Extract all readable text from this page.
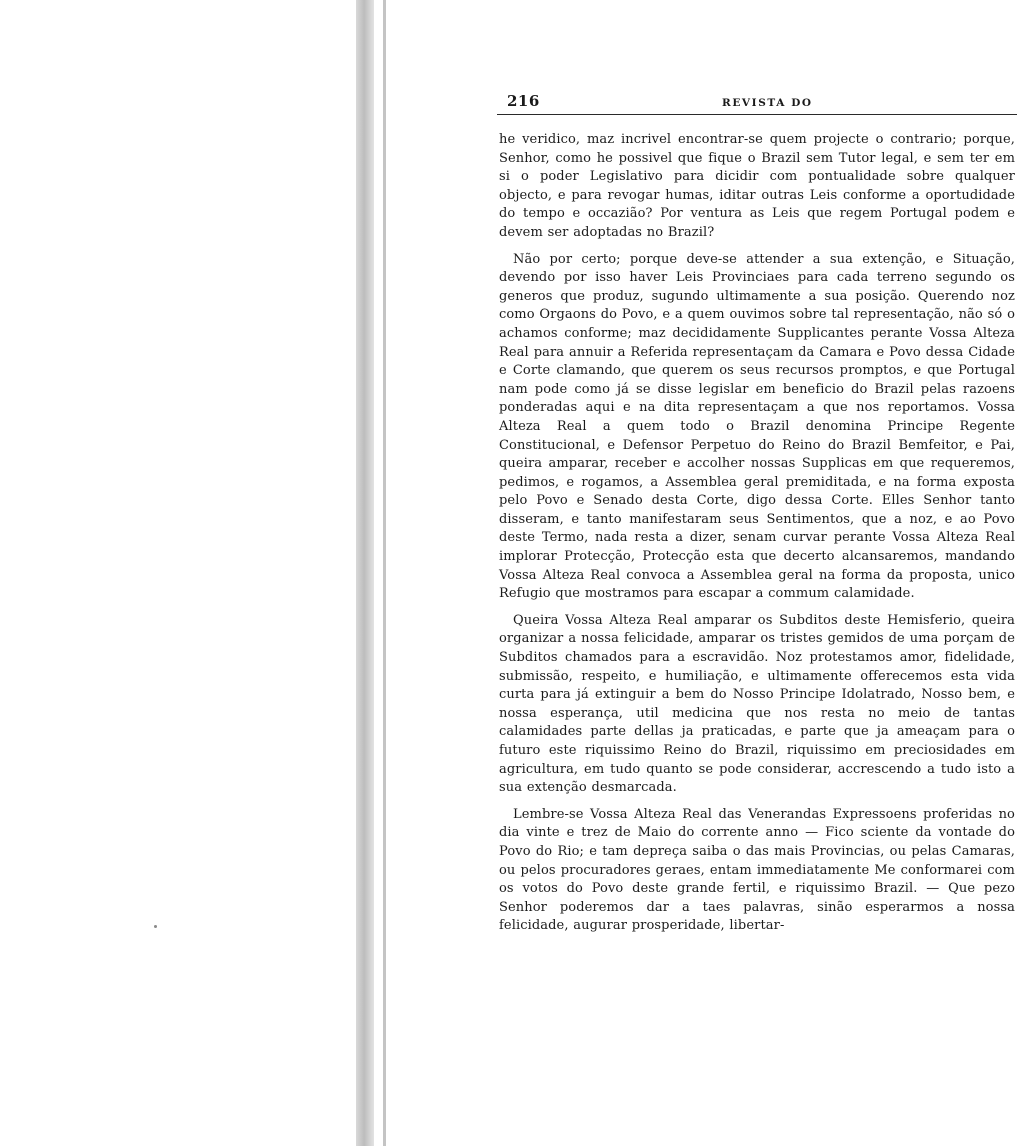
216	REVISTA DO

he veridico, maz incrivel encontrar-se quem projecte o contrario; porque, Senhor, como he possivel que fique o Brazil sem Tutor legal, e sem ter em si o poder Legislativo para dicidir com pontualidade sobre qualquer objecto, e para revogar humas, iditar outras Leis conforme a oportudidade do tempo e occazião? Por ventura as Leis que regem Portugal podem e devem ser adoptadas no Brazil?

Não por certo; porque deve-se attender a sua extenção, e Situação, devendo por isso haver Leis Provinciaes para cada terreno segundo os generos que produz, sugundo ultimamente a sua posição. Querendo noz como Orgaons do Povo, e a quem ouvimos sobre tal representação, não só o achamos conforme; maz decididamente Supplicantes perante Vossa Alteza Real para annuir a Referida representaçam da Camara e Povo dessa Cidade e Corte clamando, que querem os seus recursos promptos, e que Portugal nam pode como já se disse legislar em beneficio do Brazil pelas razoens ponderadas aqui e na dita representaçam a que nos reportamos. Vossa Alteza Real a quem todo o Brazil denomina Principe Regente Constitucional, e Defensor Perpetuo do Reino do Brazil Bemfeitor, e Pai, queira amparar, receber e accolher nossas Supplicas em que requeremos, pedimos, e rogamos, a Assemblea geral premiditada, e na forma exposta pelo Povo e Senado desta Corte, digo dessa Corte. Elles Senhor tanto disseram, e tanto manifestaram seus Sentimentos, que a noz, e ao Povo deste Termo, nada resta a dizer, senam curvar perante Vossa Alteza Real implorar Protecção, Protecção esta que decerto alcansaremos, mandando Vossa Alteza Real convoca a Assemblea geral na forma da proposta, unico Refugio que mostramos para escapar a commum calamidade.

Queira Vossa Alteza Real amparar os Subditos deste Hemisferio, queira organizar a nossa felicidade, amparar os tristes gemidos de uma porçam de Subditos chamados para a escravidão. Noz protestamos amor, fidelidade, submissão, respeito, e humiliação, e ultimamente offerecemos esta vida curta para já extinguir a bem do Nosso Principe Idolatrado, Nosso bem, e nossa esperança, util medicina que nos resta no meio de tantas calamidades parte dellas ja praticadas, e parte que ja ameaçam para o futuro este riquissimo Reino do Brazil, riquissimo em preciosidades em agricultura, em tudo quanto se pode considerar, accrescendo a tudo isto a sua extenção desmarcada.

Lembre-se Vossa Alteza Real das Venerandas Expressoens proferidas no dia vinte e trez de Maio do corrente anno — Fico sciente da vontade do Povo do Rio; e tam depreça saiba o das mais Provincias, ou pelas Camaras, ou pelos procuradores geraes, entam immediatamente Me conformarei com os votos do Povo deste grande fertil, e riquissimo Brazil. — Que pezo Senhor poderemos dar a taes palavras, sinão esperarmos a nossa felicidade, augurar prosperidade, libertar-
